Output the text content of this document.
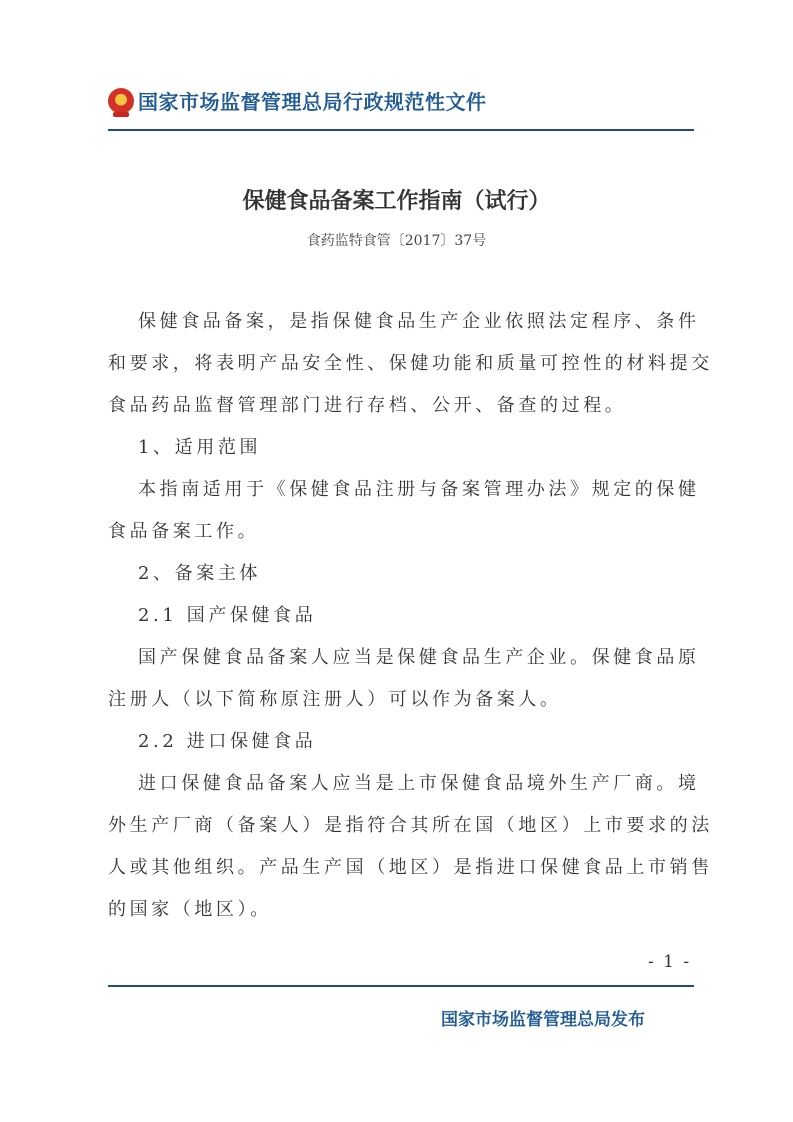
国家市场监督管理总局行政规范性文件
保健食品备案工作指南（试行）
食药监特食管〔2017〕37号
保健食品备案，是指保健食品生产企业依照法定程序、条件
和要求，将表明产品安全性、保健功能和质量可控性的材料提交
食品药品监督管理部门进行存档、公开、备查的过程。
1、适用范围
本指南适用于《保健食品注册与备案管理办法》规定的保健
食品备案工作。
2、备案主体
2.1 国产保健食品
国产保健食品备案人应当是保健食品生产企业。保健食品原
注册人（以下简称原注册人）可以作为备案人。
2.2 进口保健食品
进口保健食品备案人应当是上市保健食品境外生产厂商。境
外生产厂商（备案人）是指符合其所在国（地区）上市要求的法
人或其他组织。产品生产国（地区）是指进口保健食品上市销售
的国家（地区）。
- 1 -
国家市场监督管理总局发布
